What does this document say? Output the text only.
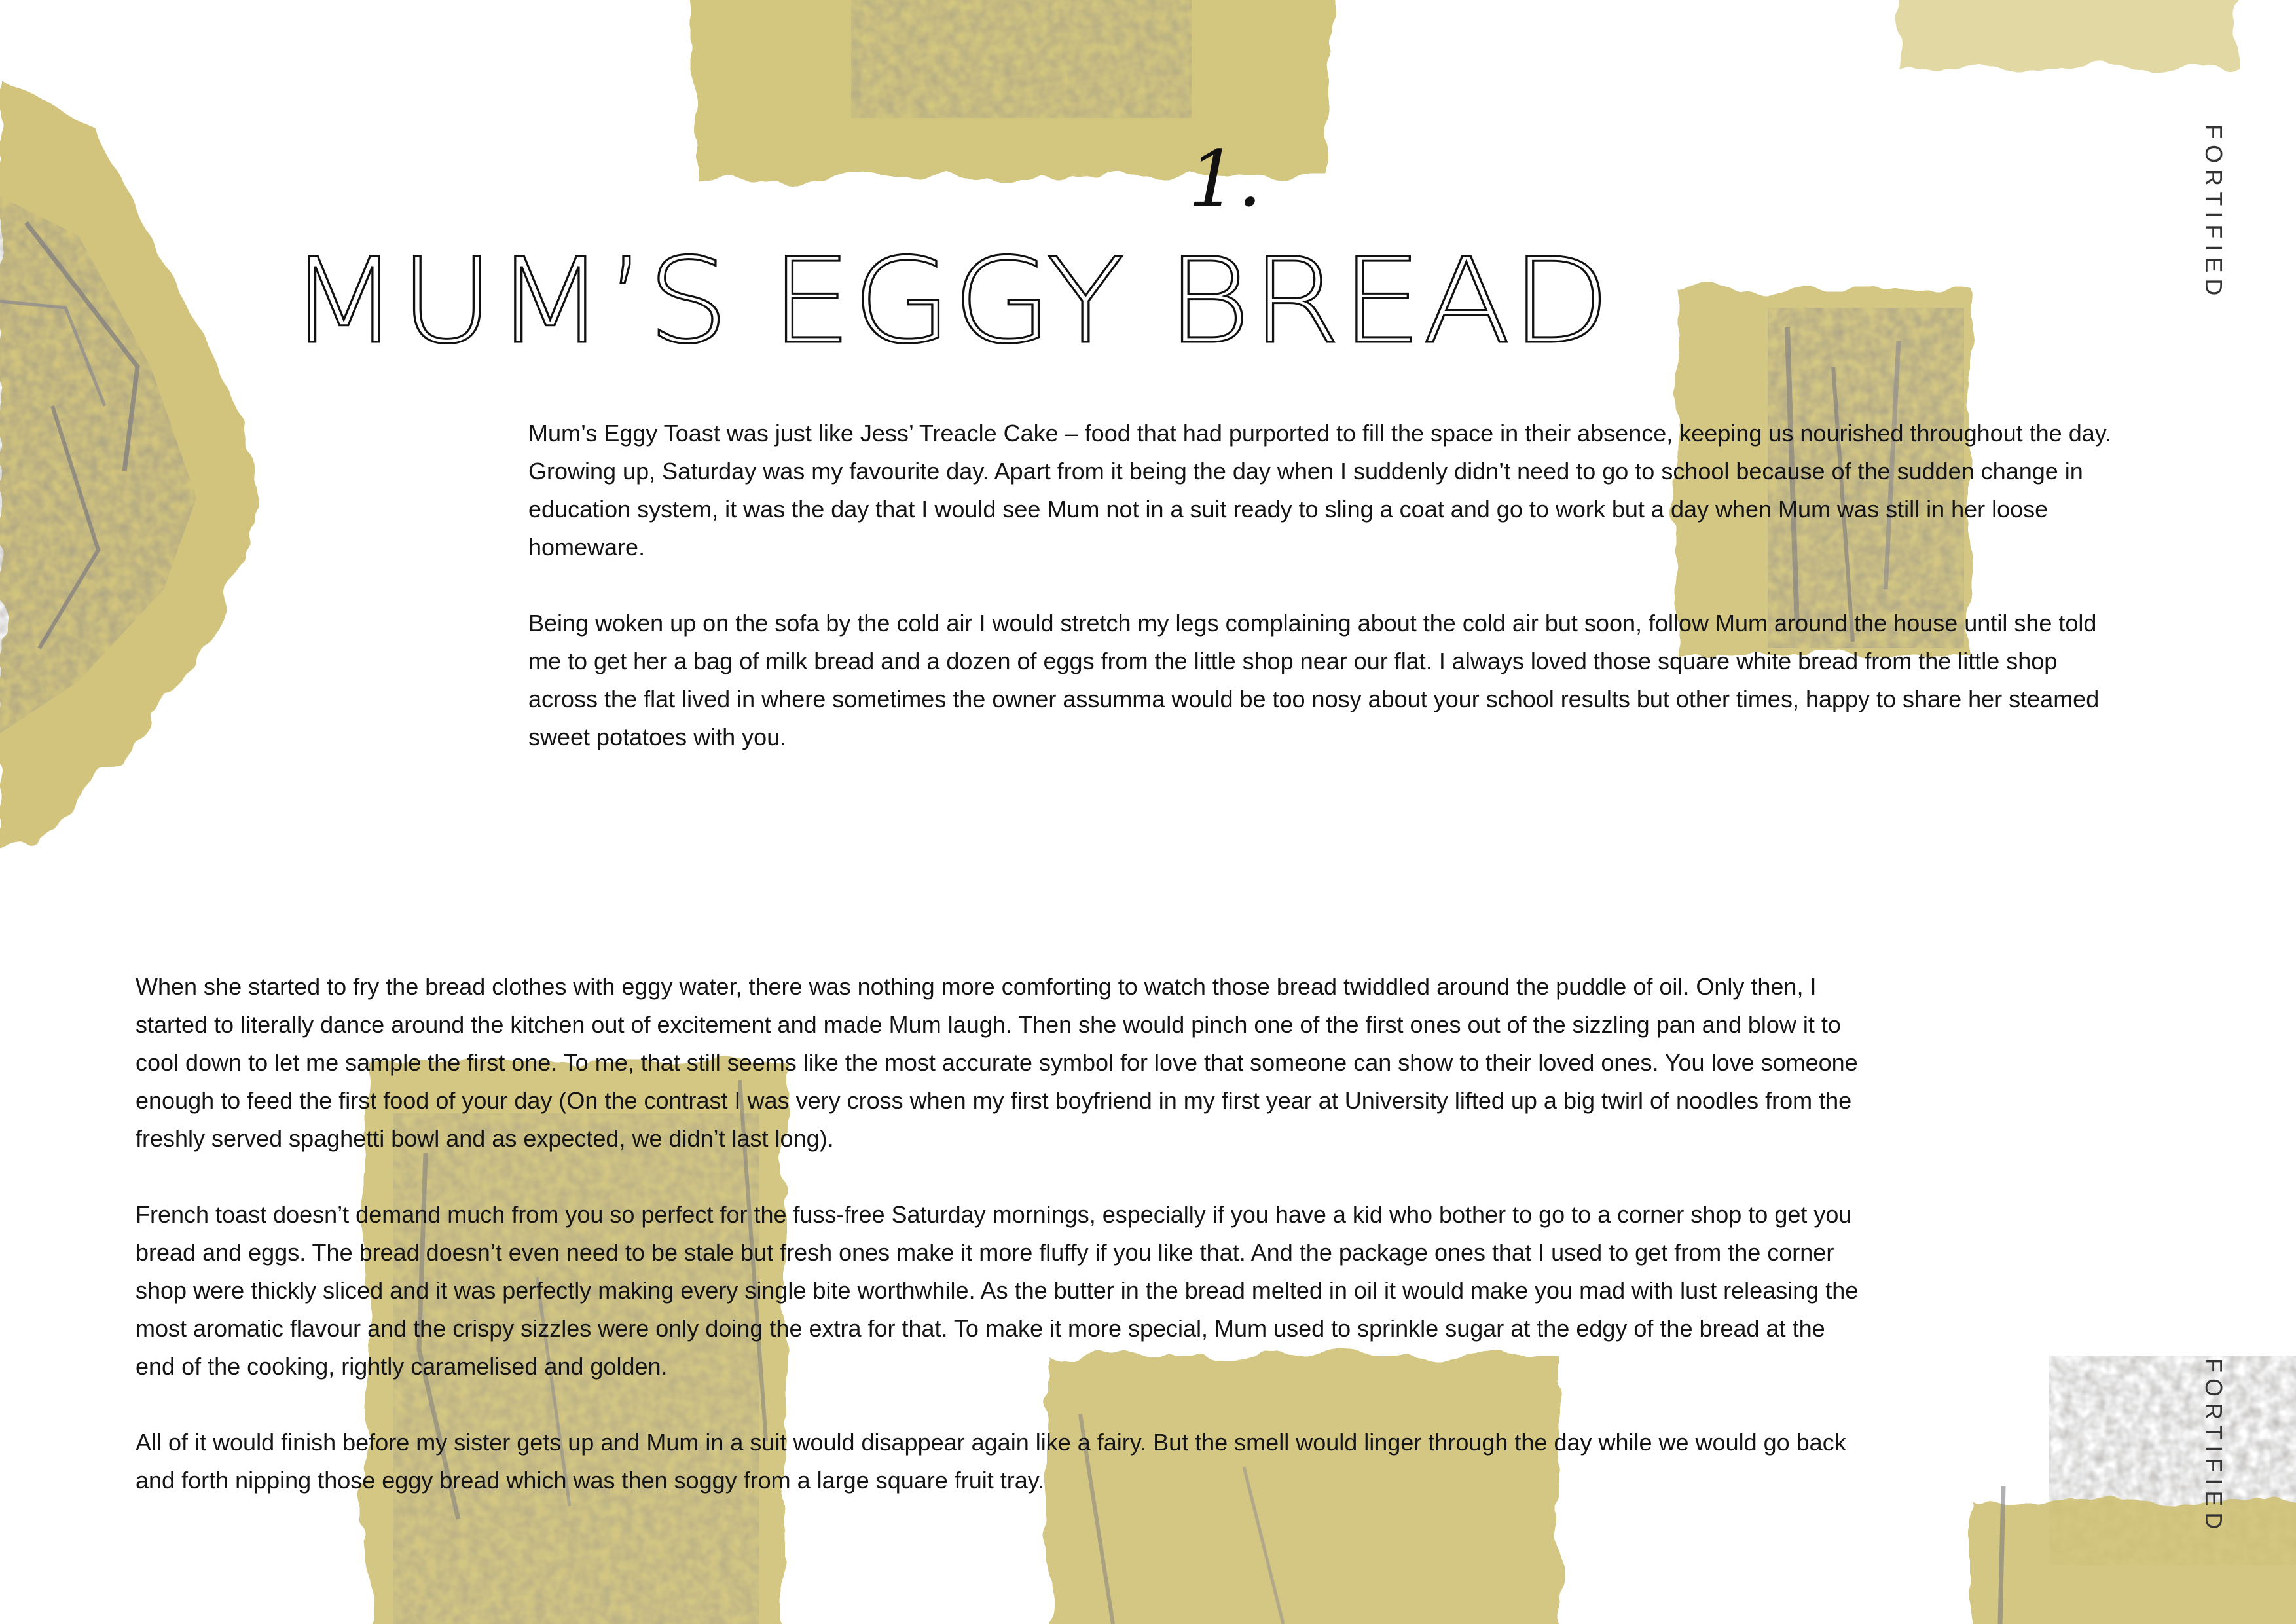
1.
MUM’S EGGY BREAD

Mum’s Eggy Toast was just like Jess’ Treacle Cake – food that had purported to fill the space in their absence, keeping us nourished throughout the day. Growing up, Saturday was my favourite day. Apart from it being the day when I suddenly didn’t need to go to school because of the sudden change in education system, it was the day that I would see Mum not in a suit ready to sling a coat and go to work but a day when Mum was still in her loose homeware.

Being woken up on the sofa by the cold air I would stretch my legs complaining about the cold air but soon, follow Mum around the house until she told me to get her a bag of milk bread and a dozen of eggs from the little shop near our flat. I always loved those square white bread from the little shop across the flat lived in where sometimes the owner assumma would be too nosy about your school results but other times, happy to share her steamed sweet potatoes with you.

When she started to fry the bread clothes with eggy water, there was nothing more comforting to watch those bread twiddled around the puddle of oil. Only then, I started to literally dance around the kitchen out of excitement and made Mum laugh. Then she would pinch one of the first ones out of the sizzling pan and blow it to cool down to let me sample the first one. To me, that still seems like the most accurate symbol for love that someone can show to their loved ones. You love someone enough to feed the first food of your day (On the contrast I was very cross when my first boyfriend in my first year at University lifted up a big twirl of noodles from the freshly served spaghetti bowl and as expected, we didn’t last long).

French toast doesn’t demand much from you so perfect for the fuss-free Saturday mornings, especially if you have a kid who bother to go to a corner shop to get you bread and eggs. The bread doesn’t even need to be stale but fresh ones make it more fluffy if you like that. And the package ones that I used to get from the corner shop were thickly sliced and it was perfectly making every single bite worthwhile. As the butter in the bread melted in oil it would make you mad with lust releasing the most aromatic flavour and the crispy sizzles were only doing the extra for that. To make it more special, Mum used to sprinkle sugar at the edgy of the bread at the end of the cooking, rightly caramelised and golden.

All of it would finish before my sister gets up and Mum in a suit would disappear again like a fairy. But the smell would linger through the day while we would go back and forth nipping those eggy bread which was then soggy from a large square fruit tray.

FORTIFIED
FORTIFIED
